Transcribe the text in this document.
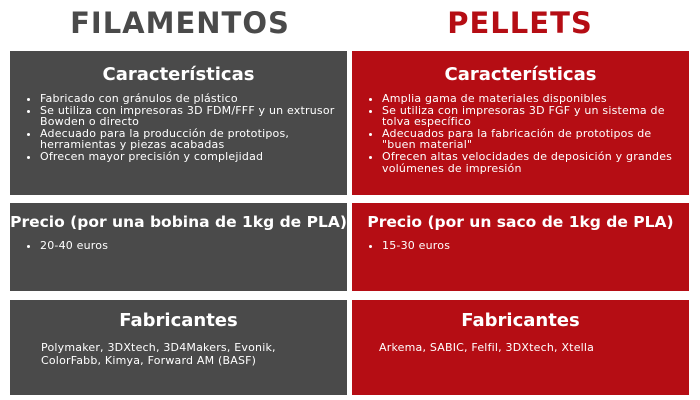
FILAMENTOS	PELLETS
Características
• Fabricado con gránulos de plástico
• Se utiliza con impresoras 3D FDM/FFF y un extrusor Bowden o directo
• Adecuado para la producción de prototipos, herramientas y piezas acabadas
• Ofrecen mayor precisión y complejidad
Precio (por una bobina de 1kg de PLA)
• 20-40 euros
Fabricantes
Polymaker, 3DXtech, 3D4Makers, Evonik, ColorFabb, Kimya, Forward AM (BASF)
Características
• Amplia gama de materiales disponibles
• Se utiliza con impresoras 3D FGF y un sistema de tolva específico
• Adecuados para la fabricación de prototipos de "buen material"
• Ofrecen altas velocidades de deposición y grandes volúmenes de impresión
Precio (por un saco de 1kg de PLA)
• 15-30 euros
Fabricantes
Arkema, SABIC, Felfil, 3DXtech, Xtella
